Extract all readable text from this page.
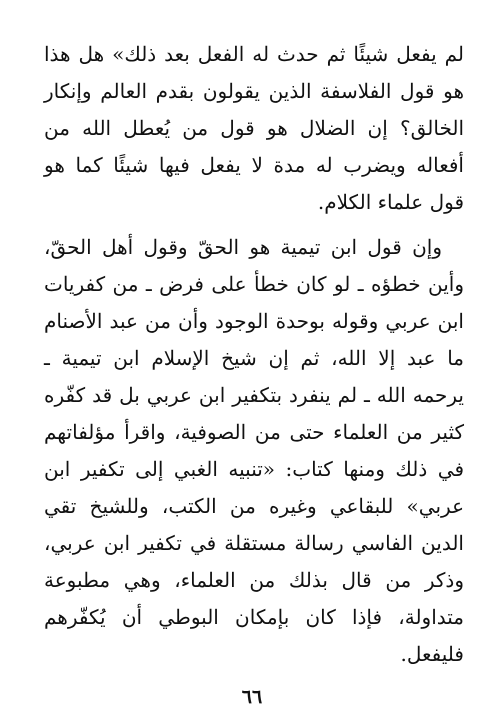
لم يفعل شيئًا ثم حدث له الفعل بعد ذلك» هل هذا هو قول الفلاسفة الذين يقولون بقدم العالم وإنكار الخالق؟ إن الضلال هو قول من يُعطل الله من أفعاله ويضرب له مدة لا يفعل فيها شيئًا كما هو قول علماء الكلام.

وإن قول ابن تيمية هو الحقّ وقول أهل الحقّ، وأين خطؤه ـ لو كان خطأ على فرض ـ من كفريات ابن عربي وقوله بوحدة الوجود وأن من عبد الأصنام ما عبد إلا الله، ثم إن شيخ الإسلام ابن تيمية ـ يرحمه الله ـ لم ينفرد بتكفير ابن عربي بل قد كفّره كثير من العلماء حتى من الصوفية، واقرأ مؤلفاتهم في ذلك ومنها كتاب: «تنبيه الغبي إلى تكفير ابن عربي» للبقاعي وغيره من الكتب، وللشيخ تقي الدين الفاسي رسالة مستقلة في تكفير ابن عربي، وذكر من قال بذلك من العلماء، وهي مطبوعة متداولة، فإذا كان بإمكان البوطي أن يُكفّرهم فليفعل.

٦٦
